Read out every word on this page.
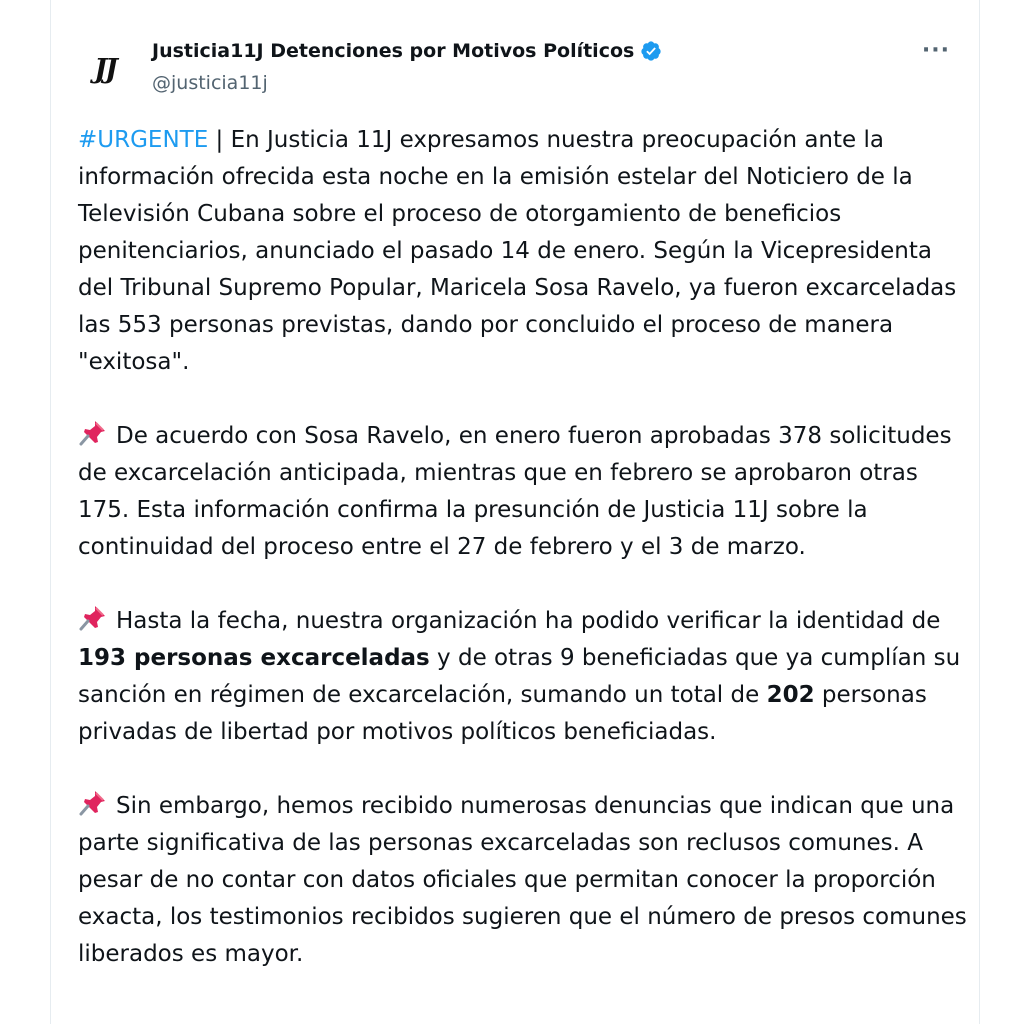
JJ
Justicia11J Detenciones por Motivos Políticos
@justicia11j
···

#URGENTE | En Justicia 11J expresamos nuestra preocupación ante la información ofrecida esta noche en la emisión estelar del Noticiero de la Televisión Cubana sobre el proceso de otorgamiento de beneficios penitenciarios, anunciado el pasado 14 de enero. Según la Vicepresidenta del Tribunal Supremo Popular, Maricela Sosa Ravelo, ya fueron excarceladas las 553 personas previstas, dando por concluido el proceso de manera "exitosa".

De acuerdo con Sosa Ravelo, en enero fueron aprobadas 378 solicitudes de excarcelación anticipada, mientras que en febrero se aprobaron otras 175. Esta información confirma la presunción de Justicia 11J sobre la continuidad del proceso entre el 27 de febrero y el 3 de marzo.

Hasta la fecha, nuestra organización ha podido verificar la identidad de 193 personas excarceladas y de otras 9 beneficiadas que ya cumplían su sanción en régimen de excarcelación, sumando un total de 202 personas privadas de libertad por motivos políticos beneficiadas.

Sin embargo, hemos recibido numerosas denuncias que indican que una parte significativa de las personas excarceladas son reclusos comunes. A pesar de no contar con datos oficiales que permitan conocer la proporción exacta, los testimonios recibidos sugieren que el número de presos comunes liberados es mayor.
